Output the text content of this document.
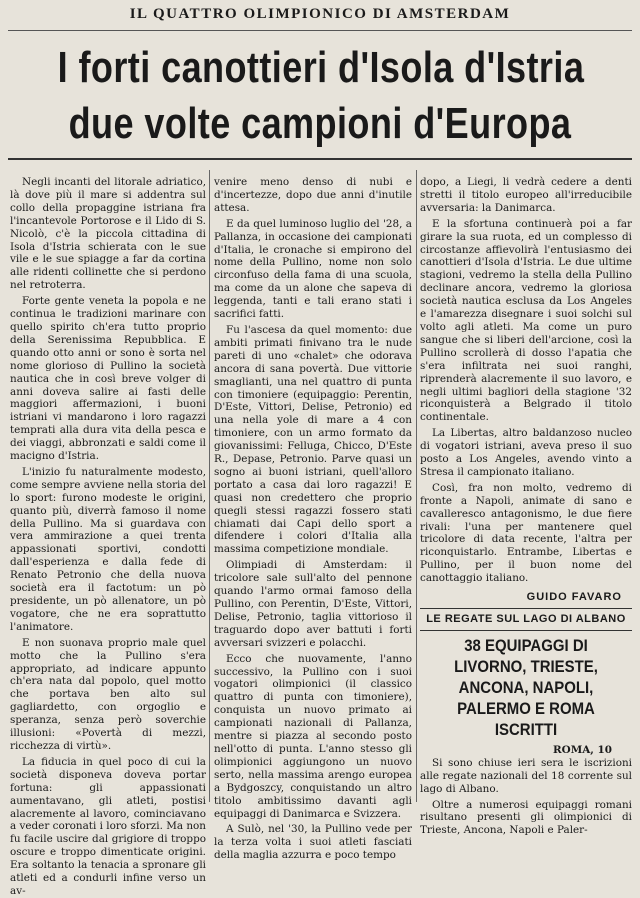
IL QUATTRO OLIMPIONICO DI AMSTERDAM
I forti canottieri d'Isola d'Istria
due volte campioni d'Europa

Negli incanti del litorale adriatico, là dove più il mare si addentra sul collo della propaggine istriana fra l'incantevole Portorose e il Lido di S. Nicolò, c'è la piccola cittadina di Isola d'Istria schierata con le sue vile e le sue spiagge a far da cortina alle ridenti collinette che si perdono nel retroterra.

Forte gente veneta la popola e ne continua le tradizioni marinare con quello spirito ch'era tutto proprio della Serenissima Repubblica. E quando otto anni or sono è sorta nel nome glorioso di Pullino la società nautica che in così breve volger di anni doveva salire ai fasti delle maggiori affermazioni, i buoni istriani vi mandarono i loro ragazzi temprati alla dura vita della pesca e dei viaggi, abbronzati e saldi come il macigno d'Istria.

L'inizio fu naturalmente modesto, come sempre avviene nella storia del lo sport: furono modeste le origini, quanto più, diverrà famoso il nome della Pullino. Ma si guardava con vera ammirazione a quei trenta appassionati sportivi, condotti dall'esperienza e dalla fede di Renato Petronio che della nuova società era il factotum: un pò presidente, un pò allenatore, un pò vogatore, che ne era soprattutto l'animatore.

E non suonava proprio male quel motto che la Pullino s'era appropriato, ad indicare appunto ch'era nata dal popolo, quel motto che portava ben alto sul gagliardetto, con orgoglio e speranza, senza però soverchie illusioni: «Povertà di mezzi, ricchezza di virtù».

La fiducia in quel poco di cui la società disponeva doveva portar fortuna: gli appassionati aumentavano, gli atleti, postisi alacremente al lavoro, cominciavano a veder coronati i loro sforzi. Ma non fu facile uscire dal grigiore di troppo oscure e troppo dimenticate origini. Era soltanto la tenacia a spronare gli atleti ed a condurli infine verso un av-

venire meno denso di nubi e d'incertezze, dopo due anni d'inutile attesa.

E da quel luminoso luglio del '28, a Pallanza, in occasione dei campionati d'Italia, le cronache si empirono del nome della Pullino, nome non solo circonfuso della fama di una scuola, ma come da un alone che sapeva di leggenda, tanti e tali erano stati i sacrifici fatti.

Fu l'ascesa da quel momento: due ambiti primati finivano tra le nude pareti di uno «chalet» che odorava ancora di sana povertà. Due vittorie smaglianti, una nel quattro di punta con timoniere (equipaggio: Perentin, D'Este, Vittori, Delise, Petronio) ed una nella yole di mare a 4 con timoniere, con un armo formato da giovanissimi: Felluga, Chicco, D'Este R., Depase, Petronio. Parve quasi un sogno ai buoni istriani, quell'alloro portato a casa dai loro ragazzi! E quasi non credettero che proprio quegli stessi ragazzi fossero stati chiamati dai Capi dello sport a difendere i colori d'Italia alla massima competizione mondiale.

Olimpiadi di Amsterdam: il tricolore sale sull'alto del pennone quando l'armo ormai famoso della Pullino, con Perentin, D'Este, Vittori, Delise, Petronio, taglia vittorioso il traguardo dopo aver battuti i forti avversari svizzeri e polacchi.

Ecco che nuovamente, l'anno successivo, la Pullino con i suoi vogatori olimpionici (il classico quattro di punta con timoniere), conquista un nuovo primato ai campionati nazionali di Pallanza, mentre si piazza al secondo posto nell'otto di punta. L'anno stesso gli olimpionici aggiungono un nuovo serto, nella massima arengo europea a Bydgoszcy, conquistando un altro titolo ambitissimo davanti agli equipaggi di Danimarca e Svizzera.

A Sulò, nel '30, la Pullino vede per la terza volta i suoi atleti fasciati della maglia azzurra e poco tempo

dopo, a Liegi, li vedrà cedere a denti stretti il titolo europeo all'irreducibile avversaria: la Danimarca.

E la sfortuna continuerà poi a far girare la sua ruota, ed un complesso di circostanze affievolirà l'entusiasmo dei canottieri d'Isola d'Istria. Le due ultime stagioni, vedremo la stella della Pullino declinare ancora, vedremo la gloriosa società nautica esclusa da Los Angeles e l'amarezza disegnare i suoi solchi sul volto agli atleti. Ma come un puro sangue che si liberi dell'arcione, così la Pullino scrollerà di dosso l'apatia che s'era infiltrata nei suoi ranghi, riprenderà alacremente il suo lavoro, e negli ultimi bagliori della stagione '32 riconquisterà a Belgrado il titolo continentale.

La Libertas, altro baldanzoso nucleo di vogatori istriani, aveva preso il suo posto a Los Angeles, avendo vinto a Stresa il campionato italiano.

Così, fra non molto, vedremo di fronte a Napoli, animate di sano e cavalleresco antagonismo, le due fiere rivali: l'una per mantenere quel tricolore di data recente, l'altra per riconquistarlo. Entrambe, Libertas e Pullino, per il buon nome del canottaggio italiano.

GUIDO FAVARO
LE REGATE SUL LAGO DI ALBANO
38 EQUIPAGGI DI LIVORNO, TRIESTE, ANCONA, NAPOLI, PALERMO E ROMA ISCRITTI
ROMA, 10

Si sono chiuse ieri sera le iscrizioni alle regate nazionali del 18 corrente sul lago di Albano.

Oltre a numerosi equipaggi romani risultano presenti gli olimpionici di Trieste, Ancona, Napoli e Paler-
